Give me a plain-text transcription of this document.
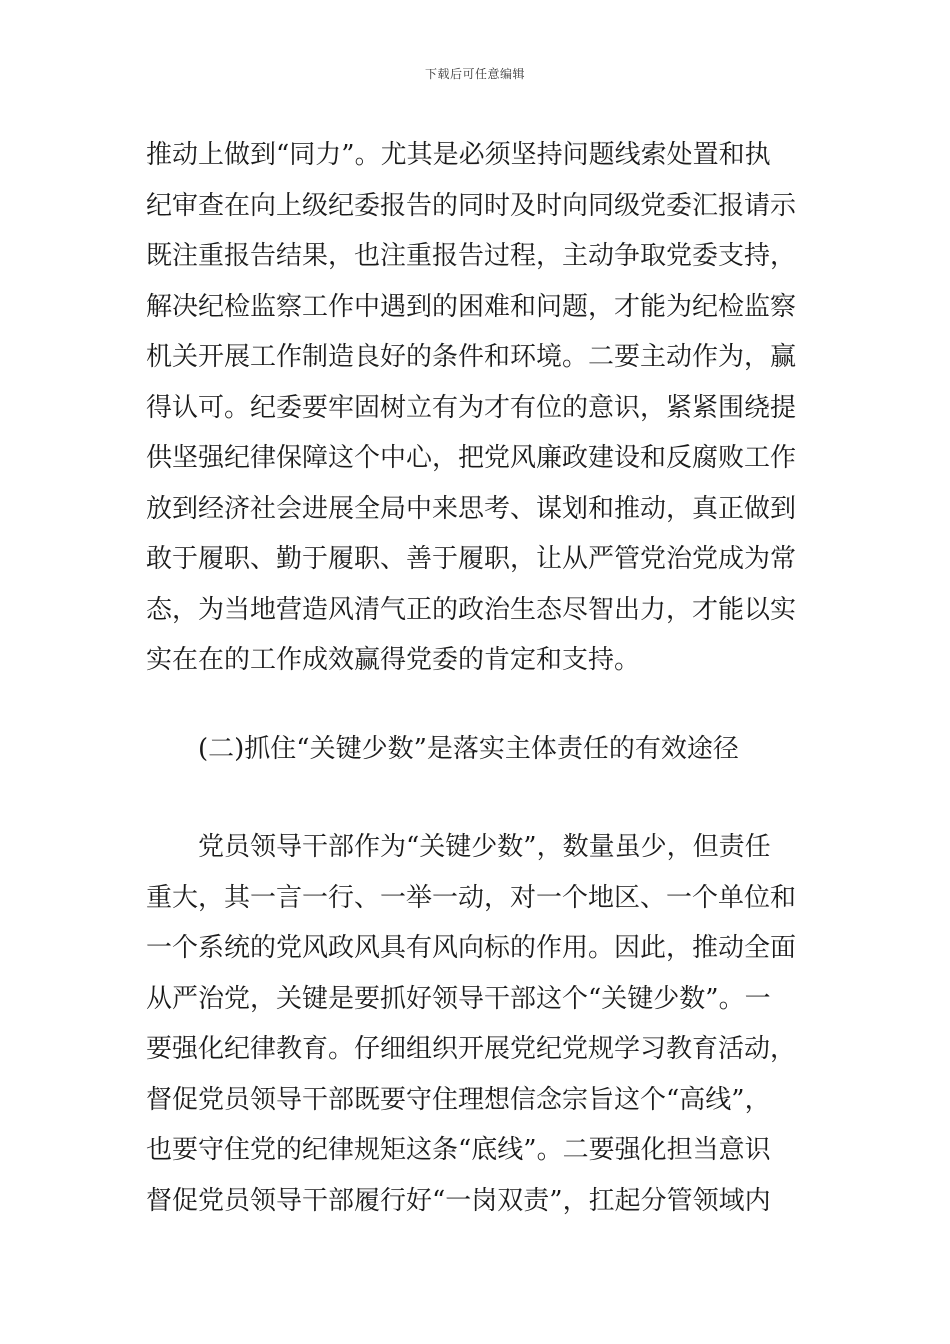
下载后可任意编辑
推动上做到“同力”。尤其是必须坚持问题线索处置和执
纪审查在向上级纪委报告的同时及时向同级党委汇报请示
既注重报告结果，也注重报告过程，主动争取党委支持，
解决纪检监察工作中遇到的困难和问题，才能为纪检监察
机关开展工作制造良好的条件和环境。二要主动作为，赢
得认可。纪委要牢固树立有为才有位的意识，紧紧围绕提
供坚强纪律保障这个中心，把党风廉政建设和反腐败工作
放到经济社会进展全局中来思考、谋划和推动，真正做到
敢于履职、勤于履职、善于履职，让从严管党治党成为常
态，为当地营造风清气正的政治生态尽智出力，才能以实
实在在的工作成效赢得党委的肯定和支持。
(二)抓住“关键少数”是落实主体责任的有效途径
党员领导干部作为“关键少数”，数量虽少，但责任
重大，其一言一行、一举一动，对一个地区、一个单位和
一个系统的党风政风具有风向标的作用。因此，推动全面
从严治党，关键是要抓好领导干部这个“关键少数”。一
要强化纪律教育。仔细组织开展党纪党规学习教育活动，
督促党员领导干部既要守住理想信念宗旨这个“高线”，
也要守住党的纪律规矩这条“底线”。二要强化担当意识
督促党员领导干部履行好“一岗双责”，扛起分管领域内
